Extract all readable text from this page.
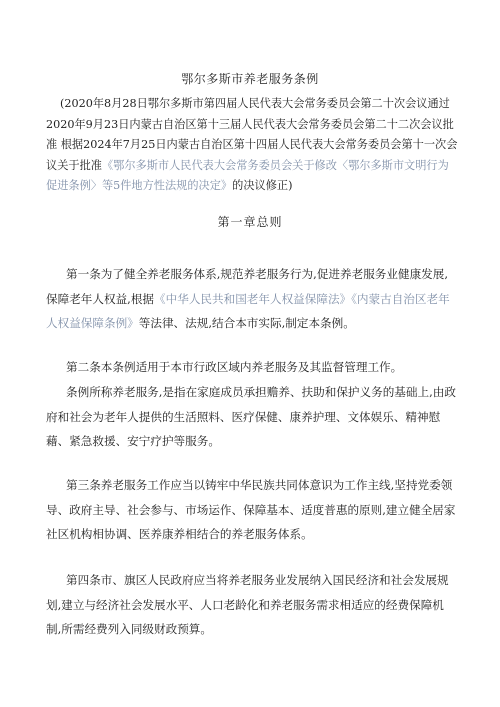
鄂尔多斯市养老服务条例
(2020年8月28日鄂尔多斯市第四届人民代表大会常务委员会第二十次会议通过 2020年9月23日内蒙古自治区第十三届人民代表大会常务委员会第二十二次会议批准 根据2024年7月25日内蒙古自治区第十四届人民代表大会常务委员会第十一次会议关于批准《鄂尔多斯市人民代表大会常务委员会关于修改〈鄂尔多斯市文明行为促进条例〉等5件地方性法规的决定》的决议修正)
第一章总则
第一条为了健全养老服务体系,规范养老服务行为,促进养老服务业健康发展,保障老年人权益,根据《中华人民共和国老年人权益保障法》《内蒙古自治区老年人权益保障条例》等法律、法规,结合本市实际,制定本条例。
第二条本条例适用于本市行政区域内养老服务及其监督管理工作。
条例所称养老服务,是指在家庭成员承担赡养、扶助和保护义务的基础上,由政府和社会为老年人提供的生活照料、医疗保健、康养护理、文体娱乐、精神慰藉、紧急救援、安宁疗护等服务。
第三条养老服务工作应当以铸牢中华民族共同体意识为工作主线,坚持党委领导、政府主导、社会参与、市场运作、保障基本、适度普惠的原则,建立健全居家社区机构相协调、医养康养相结合的养老服务体系。
第四条市、旗区人民政府应当将养老服务业发展纳入国民经济和社会发展规划,建立与经济社会发展水平、人口老龄化和养老服务需求相适应的经费保障机制,所需经费列入同级财政预算。
